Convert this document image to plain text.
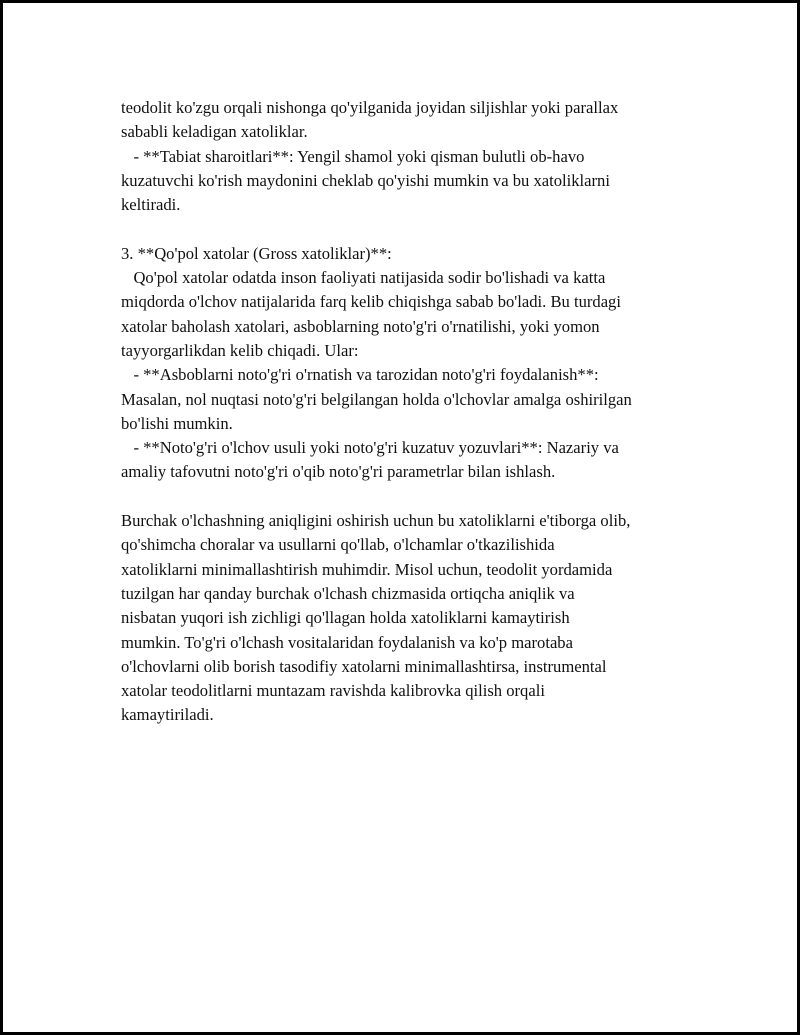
teodolit ko'zgu orqali nishonga qo'yilganida joyidan siljishlar yoki parallax
sababli keladigan xatoliklar.
- **Tabiat sharoitlari**: Yengil shamol yoki qisman bulutli ob-havo
kuzatuvchi ko'rish maydonini cheklab qo'yishi mumkin va bu xatoliklarni
keltiradi.
3. **Qo'pol xatolar (Gross xatoliklar)**:
Qo'pol xatolar odatda inson faoliyati natijasida sodir bo'lishadi va katta
miqdorda o'lchov natijalarida farq kelib chiqishga sabab bo'ladi. Bu turdagi
xatolar baholash xatolari, asboblarning noto'g'ri o'rnatilishi, yoki yomon
tayyorgarlikdan kelib chiqadi. Ular:
- **Asboblarni noto'g'ri o'rnatish va tarozidan noto'g'ri foydalanish**:
Masalan, nol nuqtasi noto'g'ri belgilangan holda o'lchovlar amalga oshirilgan
bo'lishi mumkin.
- **Noto'g'ri o'lchov usuli yoki noto'g'ri kuzatuv yozuvlari**: Nazariy va
amaliy tafovutni noto'g'ri o'qib noto'g'ri parametrlar bilan ishlash.
Burchak o'lchashning aniqligini oshirish uchun bu xatoliklarni e'tiborga olib,
qo'shimcha choralar va usullarni qo'llab, o'lchamlar o'tkazilishida
xatoliklarni minimallashtirish muhimdir. Misol uchun, teodolit yordamida
tuzilgan har qanday burchak o'lchash chizmasida ortiqcha aniqlik va
nisbatan yuqori ish zichligi qo'llagan holda xatoliklarni kamaytirish
mumkin. To'g'ri o'lchash vositalaridan foydalanish va ko'p marotaba
o'lchovlarni olib borish tasodifiy xatolarni minimallashtirsa, instrumental
xatolar teodolitlarni muntazam ravishda kalibrovka qilish orqali
kamaytiriladi.
